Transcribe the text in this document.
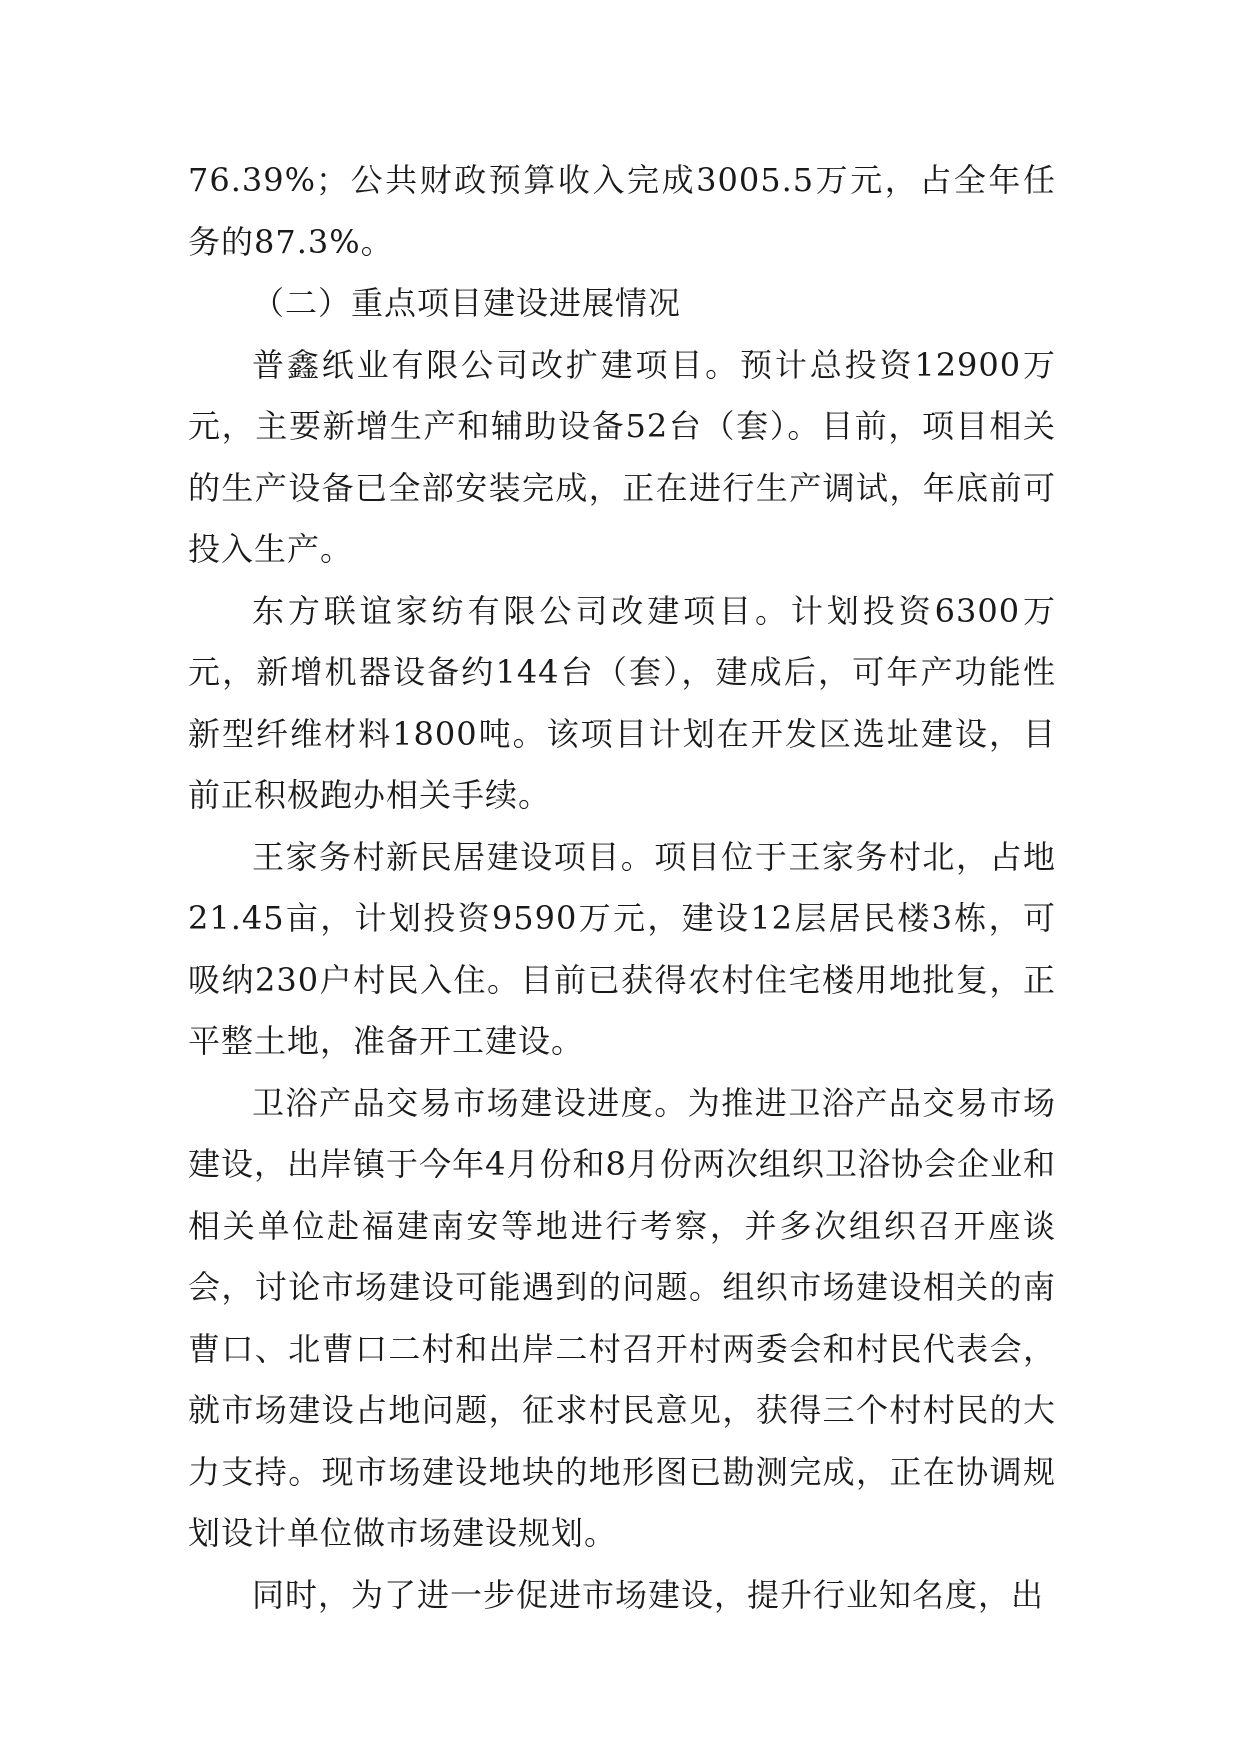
76.39%；公共财政预算收入完成3005.5万元，占全年任务的87.3%。

（二）重点项目建设进展情况

普鑫纸业有限公司改扩建项目。预计总投资12900万元，主要新增生产和辅助设备52台（套）。目前，项目相关的生产设备已全部安装完成，正在进行生产调试，年底前可投入生产。

东方联谊家纺有限公司改建项目。计划投资6300万元，新增机器设备约144台（套），建成后，可年产功能性新型纤维材料1800吨。该项目计划在开发区选址建设，目前正积极跑办相关手续。

王家务村新民居建设项目。项目位于王家务村北，占地21.45亩，计划投资9590万元，建设12层居民楼3栋，可吸纳230户村民入住。目前已获得农村住宅楼用地批复，正平整土地，准备开工建设。

卫浴产品交易市场建设进度。为推进卫浴产品交易市场建设，出岸镇于今年4月份和8月份两次组织卫浴协会企业和相关单位赴福建南安等地进行考察，并多次组织召开座谈会，讨论市场建设可能遇到的问题。组织市场建设相关的南曹口、北曹口二村和出岸二村召开村两委会和村民代表会，就市场建设占地问题，征求村民意见，获得三个村村民的大力支持。现市场建设地块的地形图已勘测完成，正在协调规划设计单位做市场建设规划。

同时，为了进一步促进市场建设，提升行业知名度，出
